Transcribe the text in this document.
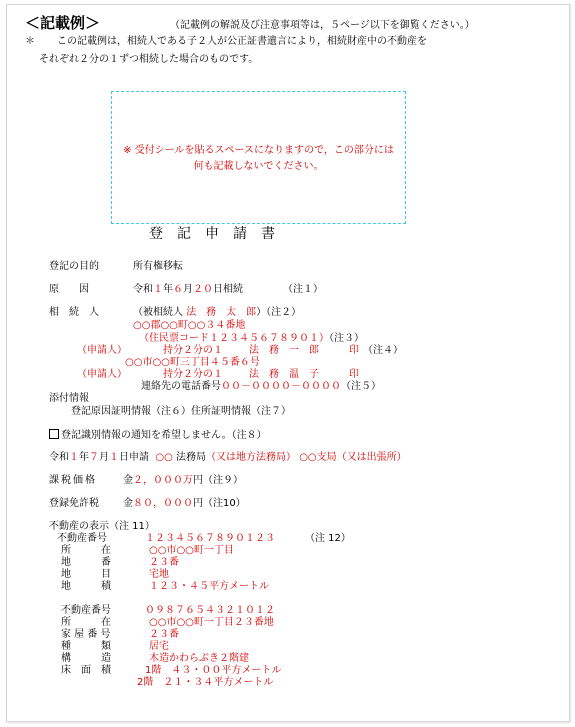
＜記載例＞	（記載例の解説及び注意事項等は，５ページ以下を御覧ください。）
＊ この記載例は，相続人である子２人が公正証書遺言により，相続財産中の不動産を
それぞれ２分の１ずつ相続した場合のものです。
※ 受付シールを貼るスペースになりますので，この部分には
何も記載しないでください。
登記申請書
登記の目的	所有権移転
原　　因	令和１年６月２０日相続	（注１）
相　続　人	（被相続人 法　務　太　郎）（注２）
○○郡○○町○○３４番地
（住民票コード１２３４５６７８９０１）（注３）
（申請人）	持分２分の１	法　務　一　郎	印 （注４）
○○市○○町三丁目４５番６号
（申請人）	持分２分の１	法　務　温　子	印
連絡先の電話番号００－００００－００００（注５）
添付情報
登記原因証明情報（注６）住所証明情報（注７）
登記識別情報の通知を希望しません。（注８）
令和１年７月１日申請 ○○ 法務局（又は地方法務局） ○○支局（又は出張所）
課税価格	金２，０００万円（注９）
登録免許税 金８０，０００円（注10）
不動産の表示（注 11）
不動産番号	１２３４５６７８９０１２３	（注 12）
所　　　在	○○市○○町一丁目
地　　　番	２３番
地　　　目	宅地
地　　　積	１２３・４５平方メートル
不動産番号	０９８７６５４３２１０１２
所　　　在	○○市○○町一丁目２３番地
家 屋 番 号	２３番
種　　　類	居宅
構　　　造	木造かわらぶき２階建
床　面　積	1階　４３・００平方メートル
2階　２１・３４平方メートル
